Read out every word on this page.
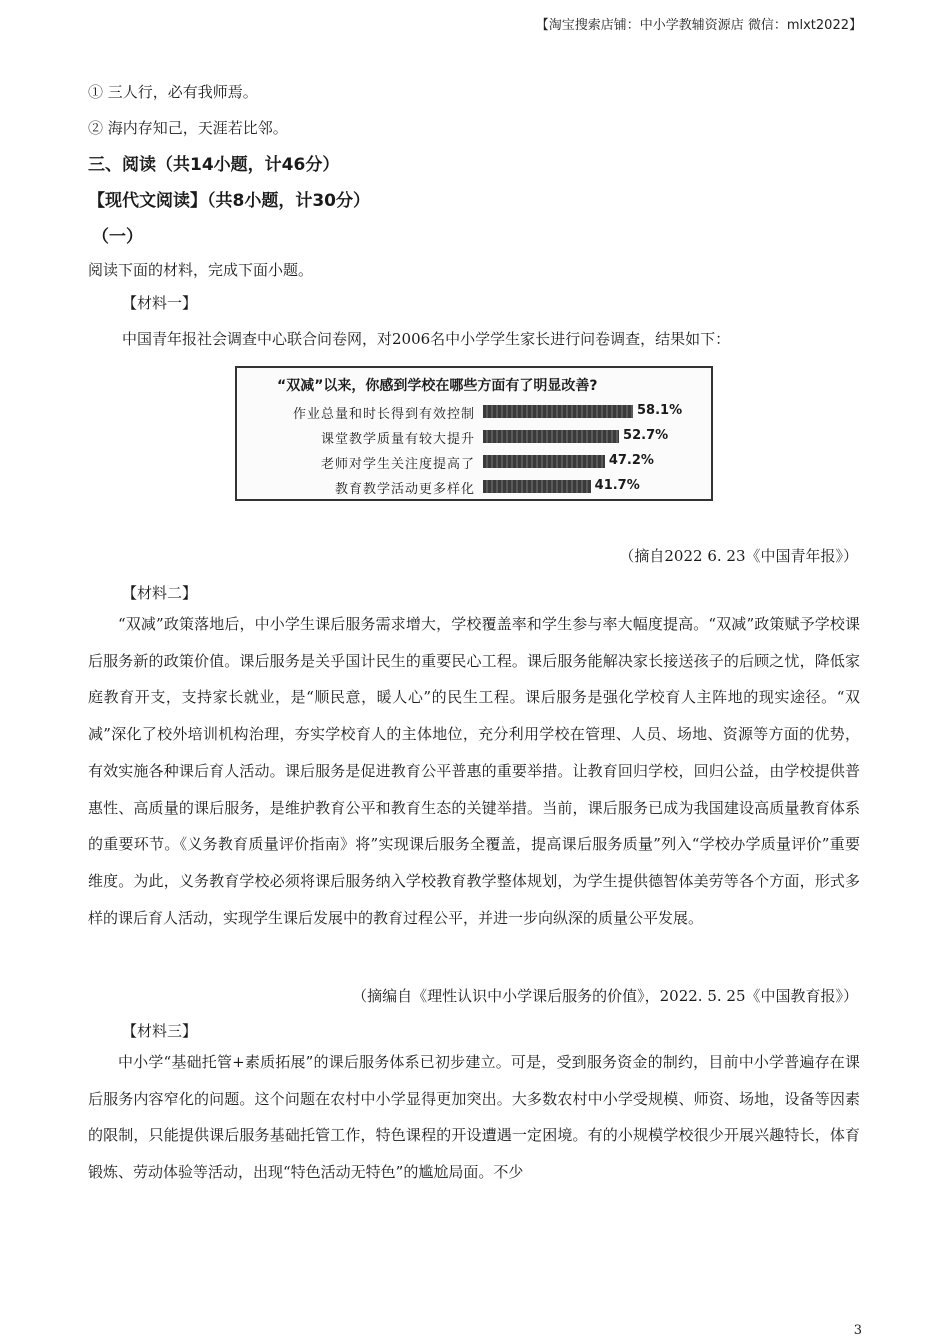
【淘宝搜索店铺：中小学教辅资源店 微信：mlxt2022】
① 三人行，必有我师焉。
② 海内存知己，天涯若比邻。
三、阅读（共14小题，计46分）
【现代文阅读】（共8小题，计30分）
（一）
阅读下面的材料，完成下面小题。
【材料一】
中国青年报社会调查中心联合问卷网，对2006名中小学学生家长进行问卷调查，结果如下：
“双减”以来，你感到学校在哪些方面有了明显改善?
作业总量和时长得到有效控制	58.1%
课堂教学质量有较大提升	52.7%
老师对学生关注度提高了	47.2%
教育教学活动更多样化	41.7%
（摘自2022 6. 23《中国青年报》）
【材料二】

“双减”政策落地后，中小学生课后服务需求增大，学校覆盖率和学生参与率大幅度提高。“双减”政策赋予学校课后服务新的政策价值。课后服务是关乎国计民生的重要民心工程。课后服务能解决家长接送孩子的后顾之忧，降低家庭教育开支，支持家长就业，是“顺民意，暖人心”的民生工程。课后服务是强化学校育人主阵地的现实途径。“双减”深化了校外培训机构治理，夯实学校育人的主体地位，充分利用学校在管理、人员、场地、资源等方面的优势，有效实施各种课后育人活动。课后服务是促进教育公平普惠的重要举措。让教育回归学校，回归公益，由学校提供普惠性、高质量的课后服务，是维护教育公平和教育生态的关键举措。当前，课后服务已成为我国建设高质量教育体系的重要环节。《义务教育质量评价指南》将”实现课后服务全覆盖，提高课后服务质量”列入“学校办学质量评价”重要维度。为此，义务教育学校必须将课后服务纳入学校教育教学整体规划，为学生提供德智体美劳等各个方面，形式多样的课后育人活动，实现学生课后发展中的教育过程公平，并进一步向纵深的质量公平发展。

（摘编自《理性认识中小学课后服务的价值》，2022. 5. 25《中国教育报》）
【材料三】

中小学“基础托管+素质拓展”的课后服务体系已初步建立。可是，受到服务资金的制约，目前中小学普遍存在课后服务内容窄化的问题。这个问题在农村中小学显得更加突出。大多数农村中小学受规模、师资、场地，设备等因素的限制，只能提供课后服务基础托管工作，特色课程的开设遭遇一定困境。有的小规模学校很少开展兴趣特长，体育锻炼、劳动体验等活动，出现“特色活动无特色”的尴尬局面。不少

3
